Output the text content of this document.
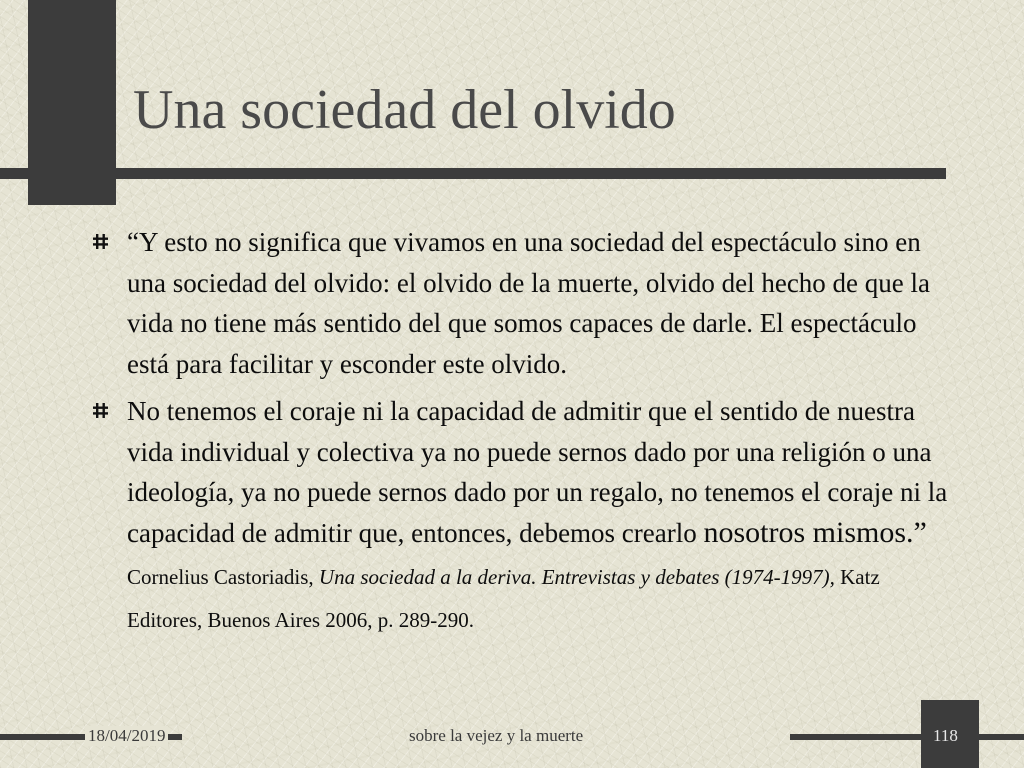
Una sociedad del olvido
“Y esto no significa que vivamos en una sociedad del espectáculo sino en una sociedad del olvido: el olvido de la muerte, olvido del hecho de que la vida no tiene más sentido del que somos capaces de darle. El espectáculo está para facilitar y esconder este olvido.
No tenemos el coraje ni la capacidad de admitir que el sentido de nuestra vida individual y colectiva ya no puede sernos dado por una religión o una ideología, ya no puede sernos dado por un regalo, no tenemos el coraje ni la capacidad de admitir que, entonces, debemos crearlo nosotros mismos.” Cornelius Castoriadis, Una sociedad a la deriva. Entrevistas y debates (1974-1997), Katz Editores, Buenos Aires 2006, p. 289-290.
18/04/2019	sobre la vejez y la muerte	118
